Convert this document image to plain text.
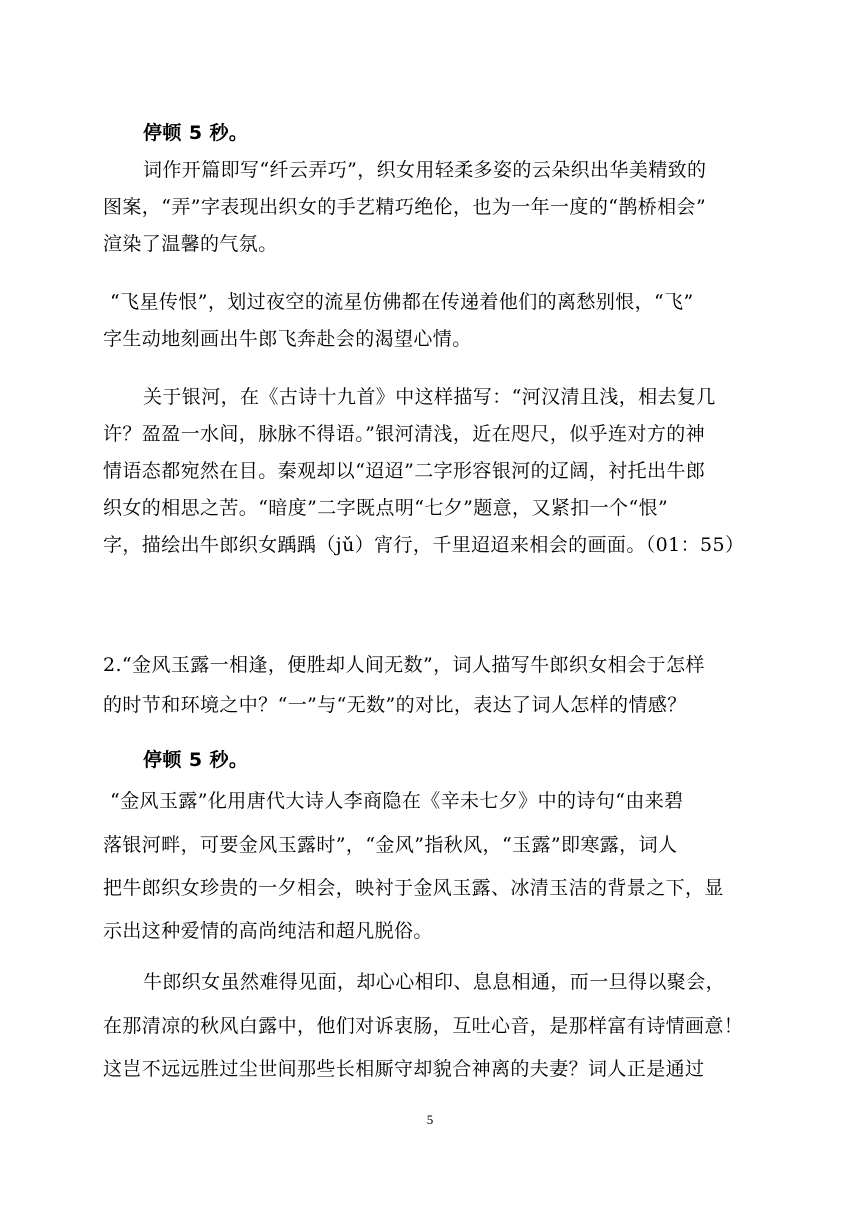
停顿 5 秒。
词作开篇即写“纤云弄巧”，织女用轻柔多姿的云朵织出华美精致的
图案，“弄”字表现出织女的手艺精巧绝伦，也为一年一度的“鹊桥相会”
渲染了温馨的气氛。
“飞星传恨”，划过夜空的流星仿佛都在传递着他们的离愁别恨，“飞”
字生动地刻画出牛郎飞奔赴会的渴望心情。
关于银河，在《古诗十九首》中这样描写：“河汉清且浅，相去复几
许？盈盈一水间，脉脉不得语。”银河清浅，近在咫尺，似乎连对方的神
情语态都宛然在目。秦观却以“迢迢”二字形容银河的辽阔，衬托出牛郎
织女的相思之苦。“暗度”二字既点明“七夕”题意，又紧扣一个“恨”
字，描绘出牛郎织女踽踽（jǔ）宵行，千里迢迢来相会的画面。（01：55）
2.“金风玉露一相逢，便胜却人间无数”，词人描写牛郎织女相会于怎样
的时节和环境之中？“一”与“无数”的对比，表达了词人怎样的情感？
停顿 5 秒。
“金风玉露”化用唐代大诗人李商隐在《辛未七夕》中的诗句“由来碧
落银河畔，可要金风玉露时”，“金风”指秋风，“玉露”即寒露，词人
把牛郎织女珍贵的一夕相会，映衬于金风玉露、冰清玉洁的背景之下，显
示出这种爱情的高尚纯洁和超凡脱俗。
牛郎织女虽然难得见面，却心心相印、息息相通，而一旦得以聚会，
在那清凉的秋风白露中，他们对诉衷肠，互吐心音，是那样富有诗情画意！
这岂不远远胜过尘世间那些长相厮守却貌合神离的夫妻？词人正是通过
5
